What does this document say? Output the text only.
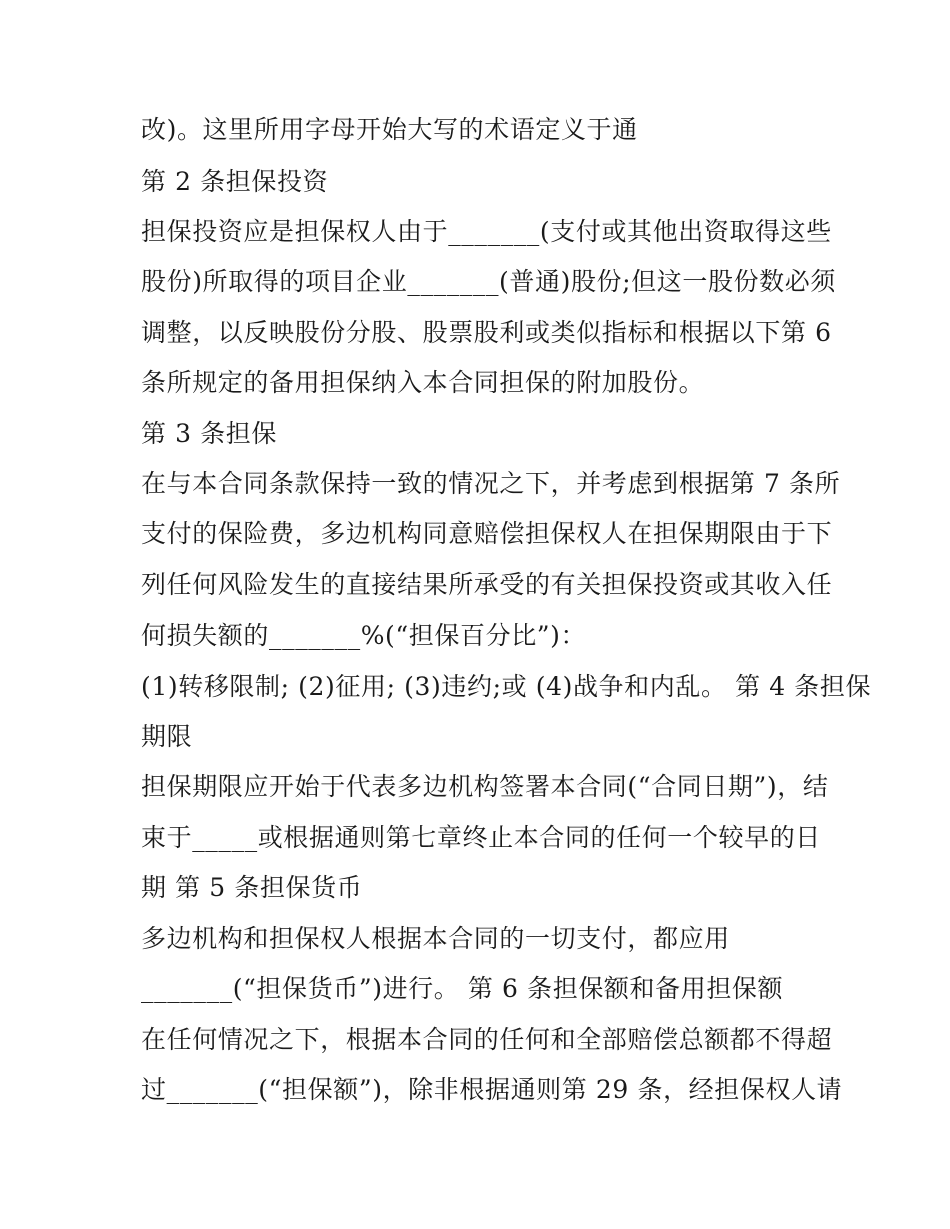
改)。这里所用字母开始大写的术语定义于通
第 2 条担保投资
担保投资应是担保权人由于_______(支付或其他出资取得这些
股份)所取得的项目企业_______(普通)股份;但这一股份数必须
调整，以反映股份分股、股票股利或类似指标和根据以下第 6
条所规定的备用担保纳入本合同担保的附加股份。
第 3 条担保
在与本合同条款保持一致的情况之下，并考虑到根据第 7 条所
支付的保险费，多边机构同意赔偿担保权人在担保期限由于下
列任何风险发生的直接结果所承受的有关担保投资或其收入任
何损失额的_______%(“担保百分比”)：
(1)转移限制; (2)征用; (3)违约;或 (4)战争和内乱。 第 4 条担保
期限
担保期限应开始于代表多边机构签署本合同(“合同日期”)，结
束于_____或根据通则第七章终止本合同的任何一个较早的日
期 第 5 条担保货币
多边机构和担保权人根据本合同的一切支付，都应用
_______(“担保货币”)进行。 第 6 条担保额和备用担保额
在任何情况之下，根据本合同的任何和全部赔偿总额都不得超
过_______(“担保额”)，除非根据通则第 29 条，经担保权人请
